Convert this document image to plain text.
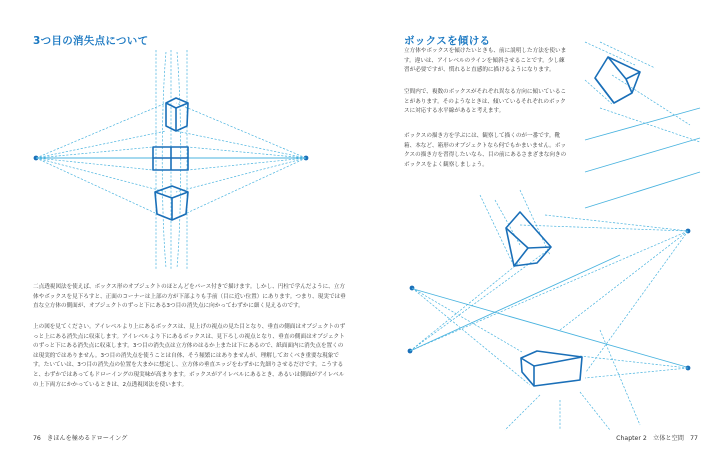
3つ目の消失点について	ボックスを傾ける

立方体やボックスを傾けたいときも、前に説明した方法を使います。違いは、アイレベルのラインを傾斜させることです。少し練習が必要ですが、慣れると直感的に描けるようになります。

空間内で、複数のボックスがそれぞれ異なる方向に傾いていることがあります。そのようなときは、傾いているそれぞれのボックスに対応する水平線があると考えます。

ボックスの描き方を学ぶには、観察して描くのが一番です。靴箱、本など、箱形のオブジェクトなら何でもかまいません。ボックスの描き方を習得したいなら、目の前にあるさまざまな向きのボックスをよく観察しましょう。

二点透視図法を使えば、ボックス形のオブジェクトのほとんどをパース付きで描けます。しかし、円柱で学んだように、立方体やボックスを見下ろすと、正面のコーナーは上部の方が下部よりも手前（目に近い位置）にあります。つまり、現実では垂直な立方体の側面が、オブジェクトのずっと下にある3つ目の消失点に向かってわずかに細く見えるのです。

上の図を見てください。アイレベルより上にあるボックスは、見上げの視点の見た目となり、垂直の側面はオブジェクトのずっと上にある消失点に収束します。アイレベルより下にあるボックスは、見下ろしの視点となり、垂直の側面はオブジェクトのずっと下にある消失点に収束します。3つ目の消失点は立方体のはるか上または下にあるので、紙面面内に消失点を置くのは現実的ではありません。3つ目の消失点を使うことは自体、そう頻繁にはありませんが、理解しておくべき重要な現象です。たいていは、3つ目の消失点の位置を大まかに想定し、立方体の垂直エッジをわずかに先細りさせるだけです。こうすると、わずかではあってもドローイングの現実味が高まります。ボックスがアイレベルにあるとき、あるいは側面がアイレベルの上下両方にかかっているときは、2点透視図法を使います。

76　きほんを極めるドローイング	Chapter 2　立体と空間　77
